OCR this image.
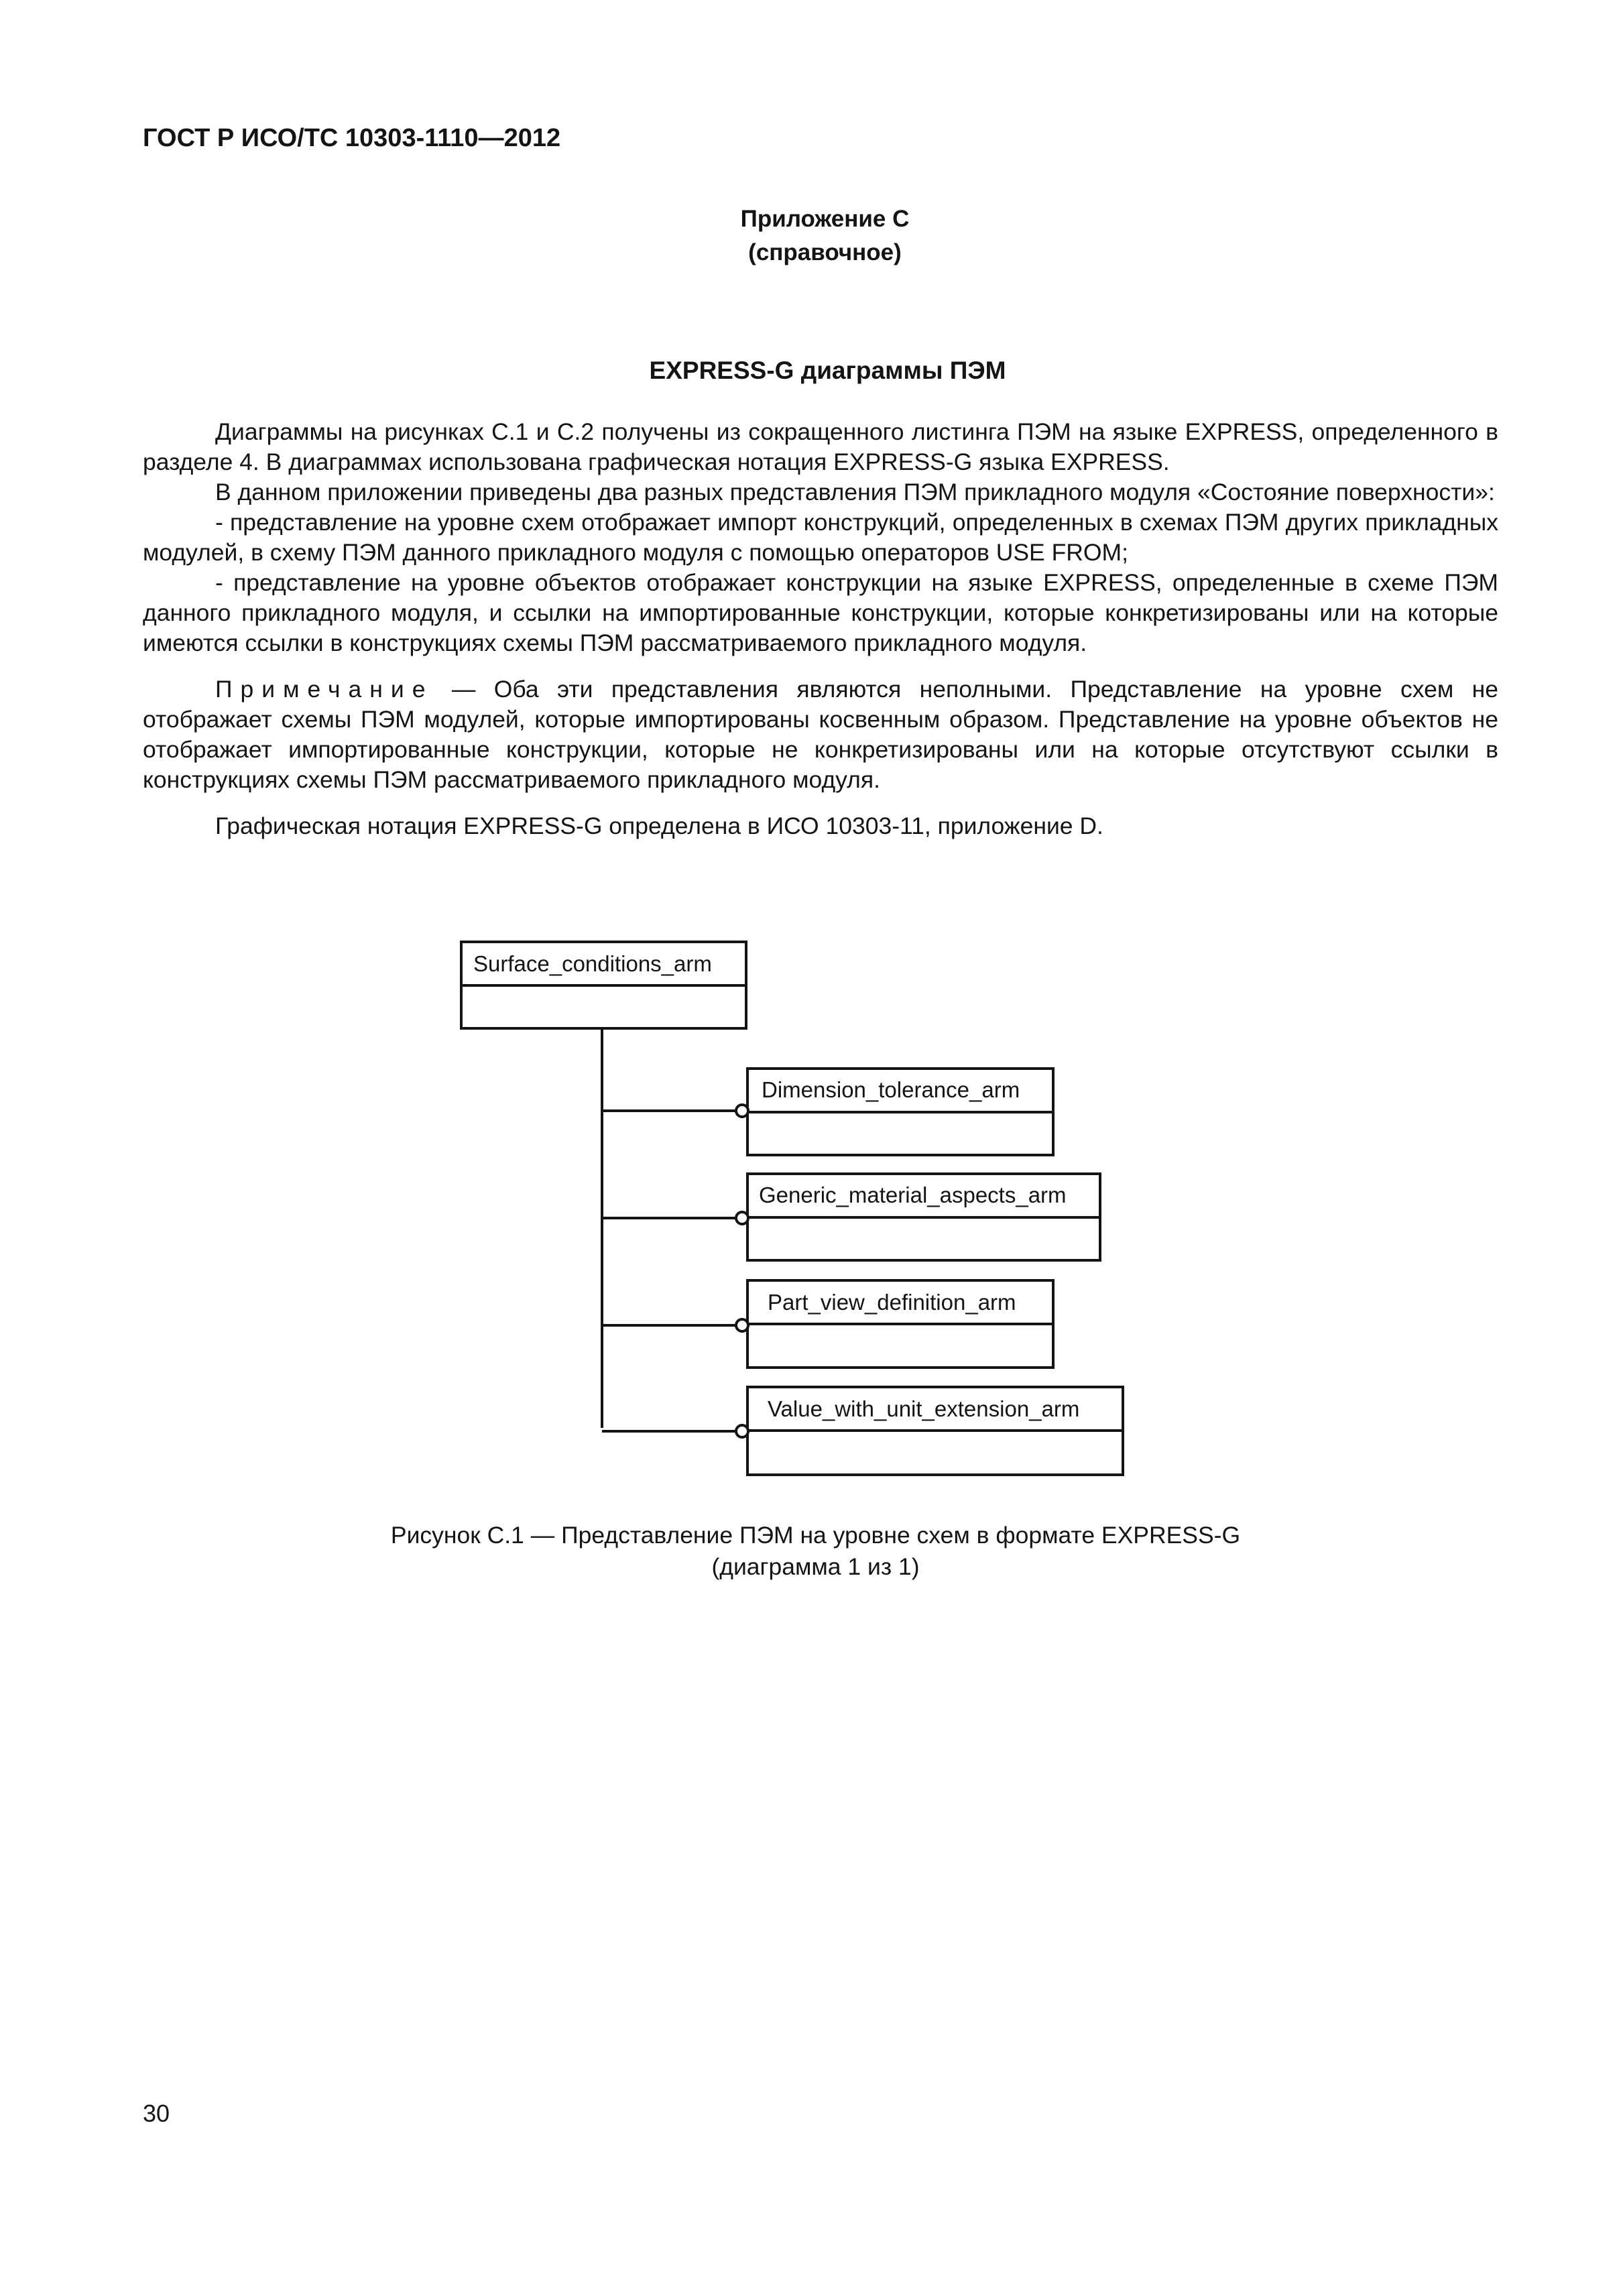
ГОСТ Р ИСО/ТС 10303-1110—2012
Приложение С
(справочное)
EXPRESS-G диаграммы ПЭМ

Диаграммы на рисунках С.1 и С.2 получены из сокращенного листинга ПЭМ на языке EXPRESS, определенного в разделе 4. В диаграммах использована графическая нотация EXPRESS-G языка EXPRESS.

В данном приложении приведены два разных представления ПЭМ прикладного модуля «Состояние поверхности»:

- представление на уровне схем отображает импорт конструкций, определенных в схемах ПЭМ других прикладных модулей, в схему ПЭМ данного прикладного модуля с помощью операторов USE FROM;

- представление на уровне объектов отображает конструкции на языке EXPRESS, определенные в схеме ПЭМ данного прикладного модуля, и ссылки на импортированные конструкции, которые конкретизированы или на которые имеются ссылки в конструкциях схемы ПЭМ рассматриваемого прикладного модуля.

Примечание — Оба эти представления являются неполными. Представление на уровне схем не отображает схемы ПЭМ модулей, которые импортированы косвенным образом. Представление на уровне объектов не отображает импортированные конструкции, которые не конкретизированы или на которые отсутствуют ссылки в конструкциях схемы ПЭМ рассматриваемого прикладного модуля.

Графическая нотация EXPRESS-G определена в ИСО 10303-11, приложение D.

Surface_conditions_arm
Dimension_tolerance_arm
Generic_material_aspects_arm
Part_view_definition_arm
Value_with_unit_extension_arm
Рисунок С.1 — Представление ПЭМ на уровне схем в формате EXPRESS-G
(диаграмма 1 из 1)
30
